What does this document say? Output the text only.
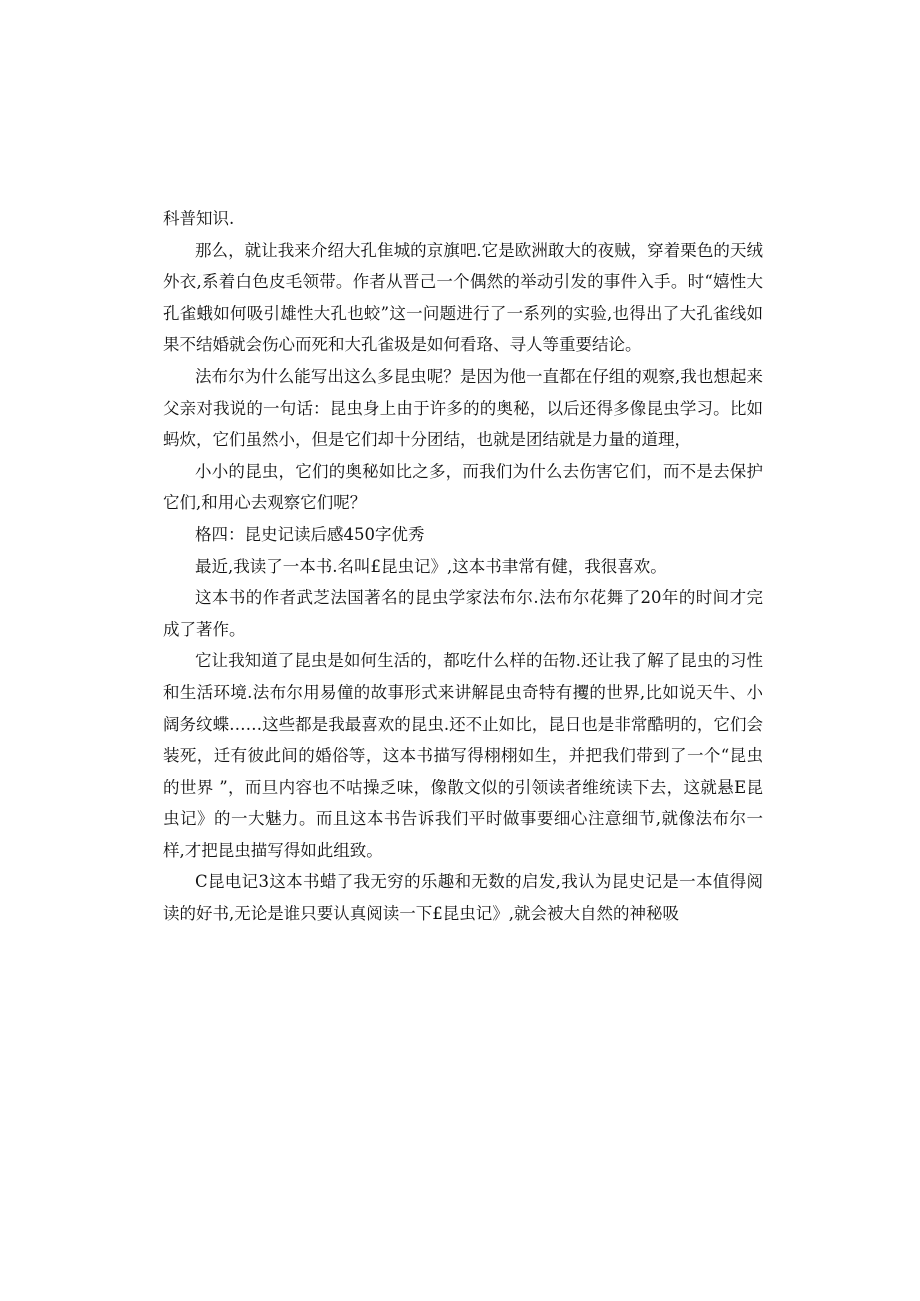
科普知识.

那么，就让我来介绍大孔隹城的京旗吧.它是欧洲敢大的夜贼，穿着栗色的天绒外衣,系着白色皮毛领带。作者从晋己一个偶然的举动引发的事件入手。时“嬉性大孔雀蛾如何吸引雄性大孔也蛟”这一问题进行了一系列的实验,也得出了大孔雀线如果不结婚就会伤心而死和大孔雀圾是如何看珞、寻人等重要结论。

法布尔为什么能写出这么多昆虫呢？是因为他一直都在仔组的观察,我也想起来父亲对我说的一句话：昆虫身上由于许多的的奥秘，以后还得多像昆虫学习。比如蚂炊，它们虽然小，但是它们却十分团结，也就是团结就是力量的道理，

小小的昆虫，它们的奥秘如比之多，而我们为什么去伤害它们，而不是去保护它们,和用心去观察它们呢？

格四：昆史记读后感450字优秀

最近,我读了一本书.名叫£昆虫记》,这本书聿常有健，我很喜欢。

这本书的作者武芝法国著名的昆虫学家法布尔.法布尔花舞了20年的时间才完成了著作。

它让我知道了昆虫是如何生活的，都吃什么样的缶物.还让我了解了昆虫的习性和生活环境.法布尔用易僮的故事形式来讲解昆虫奇特有攫的世界,比如说天牛、小阔务纹蝶……这些都是我最喜欢的昆虫.还不止如比，昆日也是非常酷明的，它们会装死，迁有彼此间的婚俗等，这本书描写得栩栩如生，并把我们带到了一个“昆虫的世界 ”，而旦内容也不咕操乏味，像散文似的引领读者维统读下去，这就悬E昆虫记》的一大魅力。而且这本书告诉我们平时做事要细心注意细节,就像法布尔一样,才把昆虫描写得如此组致。

C昆电记3这本书蜡了我无穷的乐趣和无数的启发,我认为昆史记是一本值得阅读的好书,无论是谁只要认真阅读一下£昆虫记》,就会被大自然的神秘吸
